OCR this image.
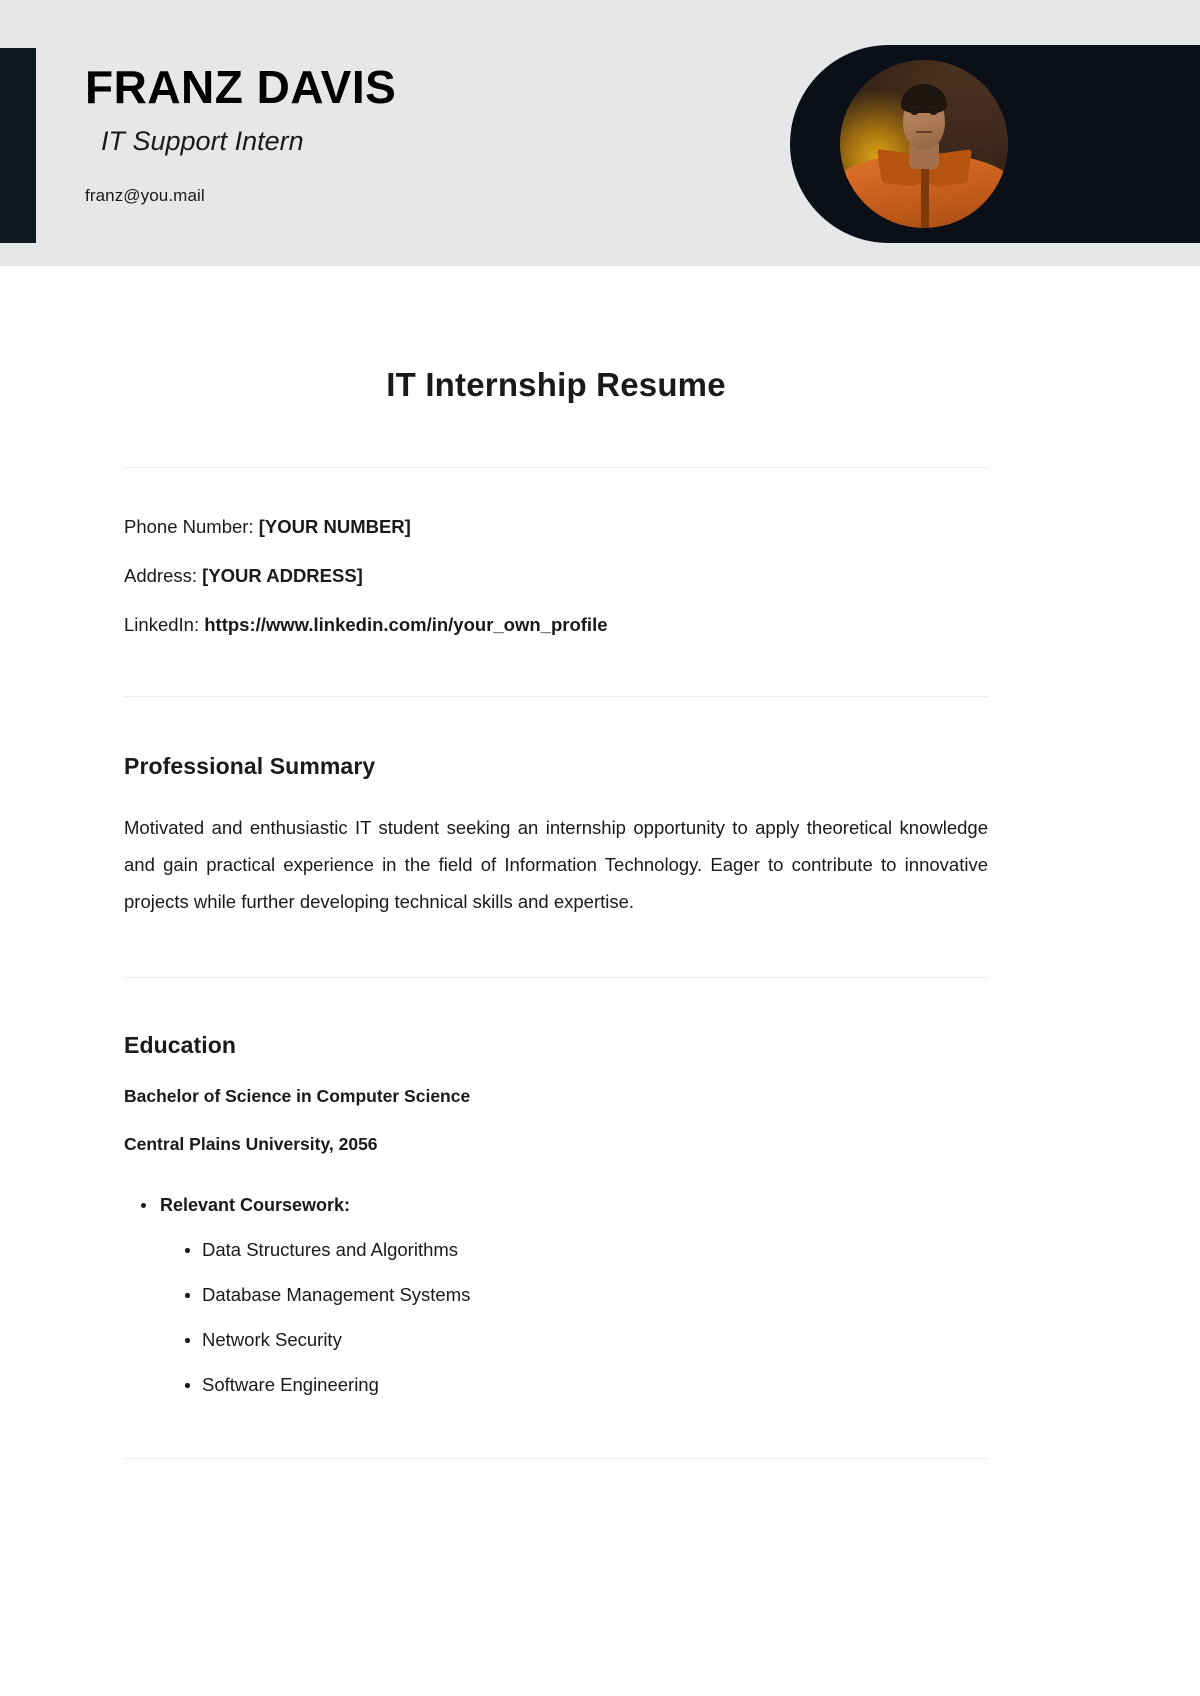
FRANZ DAVIS
IT Support Intern
franz@you.mail
IT Internship Resume
Phone Number: [YOUR NUMBER]
Address: [YOUR ADDRESS]
LinkedIn: https://www.linkedin.com/in/your_own_profile
Professional Summary
Motivated and enthusiastic IT student seeking an internship opportunity to apply theoretical knowledge and gain practical experience in the field of Information Technology. Eager to contribute to innovative projects while further developing technical skills and expertise.
Education
Bachelor of Science in Computer Science
Central Plains University, 2056
Relevant Coursework:
Data Structures and Algorithms
Database Management Systems
Network Security
Software Engineering
